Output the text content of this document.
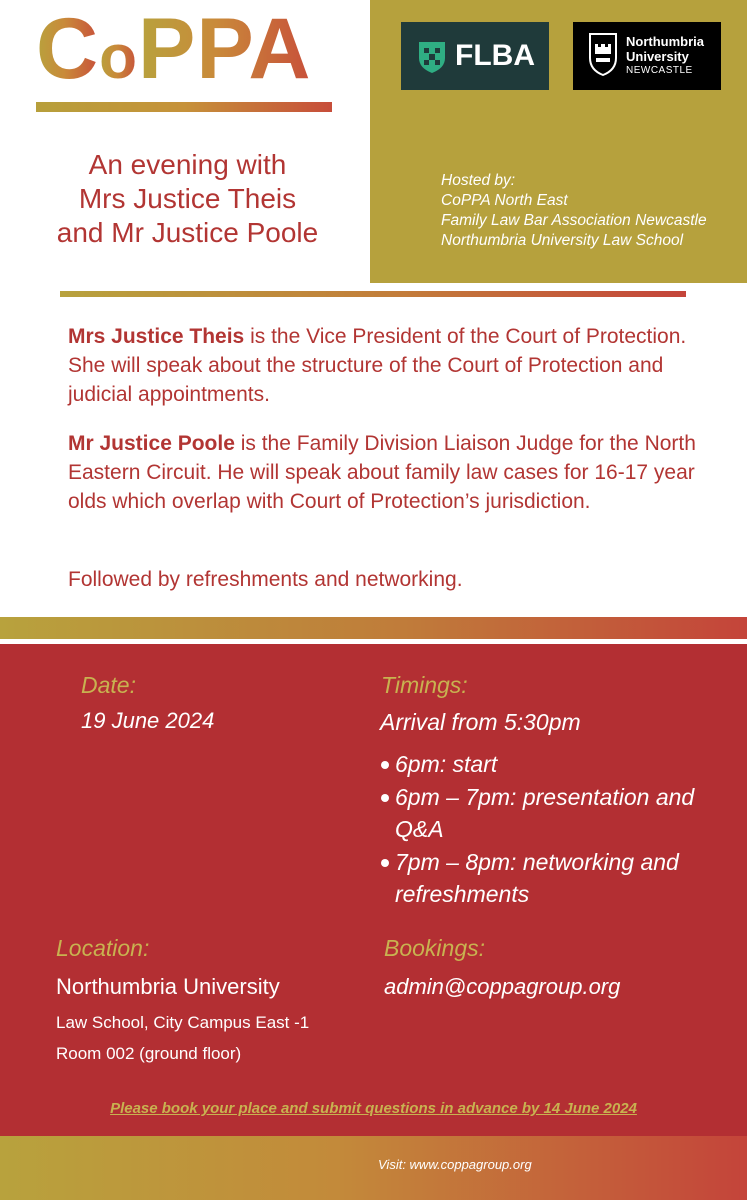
CoPPA	FLBA	Northumbria
University
NEWCASTLE
Hosted by:
CoPPA North East
Family Law Bar Association Newcastle
Northumbria University Law School
An evening with
Mrs Justice Theis
and Mr Justice Poole
Mrs Justice Theis is the Vice President of the Court of Protection. She will speak about the structure of the Court of Protection and judicial appointments.
Mr Justice Poole is the Family Division Liaison Judge for the North Eastern Circuit. He will speak about family law cases for 16-17 year olds which overlap with Court of Protection’s jurisdiction.
Followed by refreshments and networking.
Date:
19 June 2024
Timings:
Arrival from 5:30pm
6pm: start
6pm – 7pm: presentation and Q&A
7pm – 8pm: networking and refreshments
Location:
Northumbria University
Law School, City Campus East -1
Room 002 (ground floor)
Bookings:
admin@coppagroup.org
Please book your place and submit questions in advance by 14 June 2024
Visit: www.coppagroup.org
